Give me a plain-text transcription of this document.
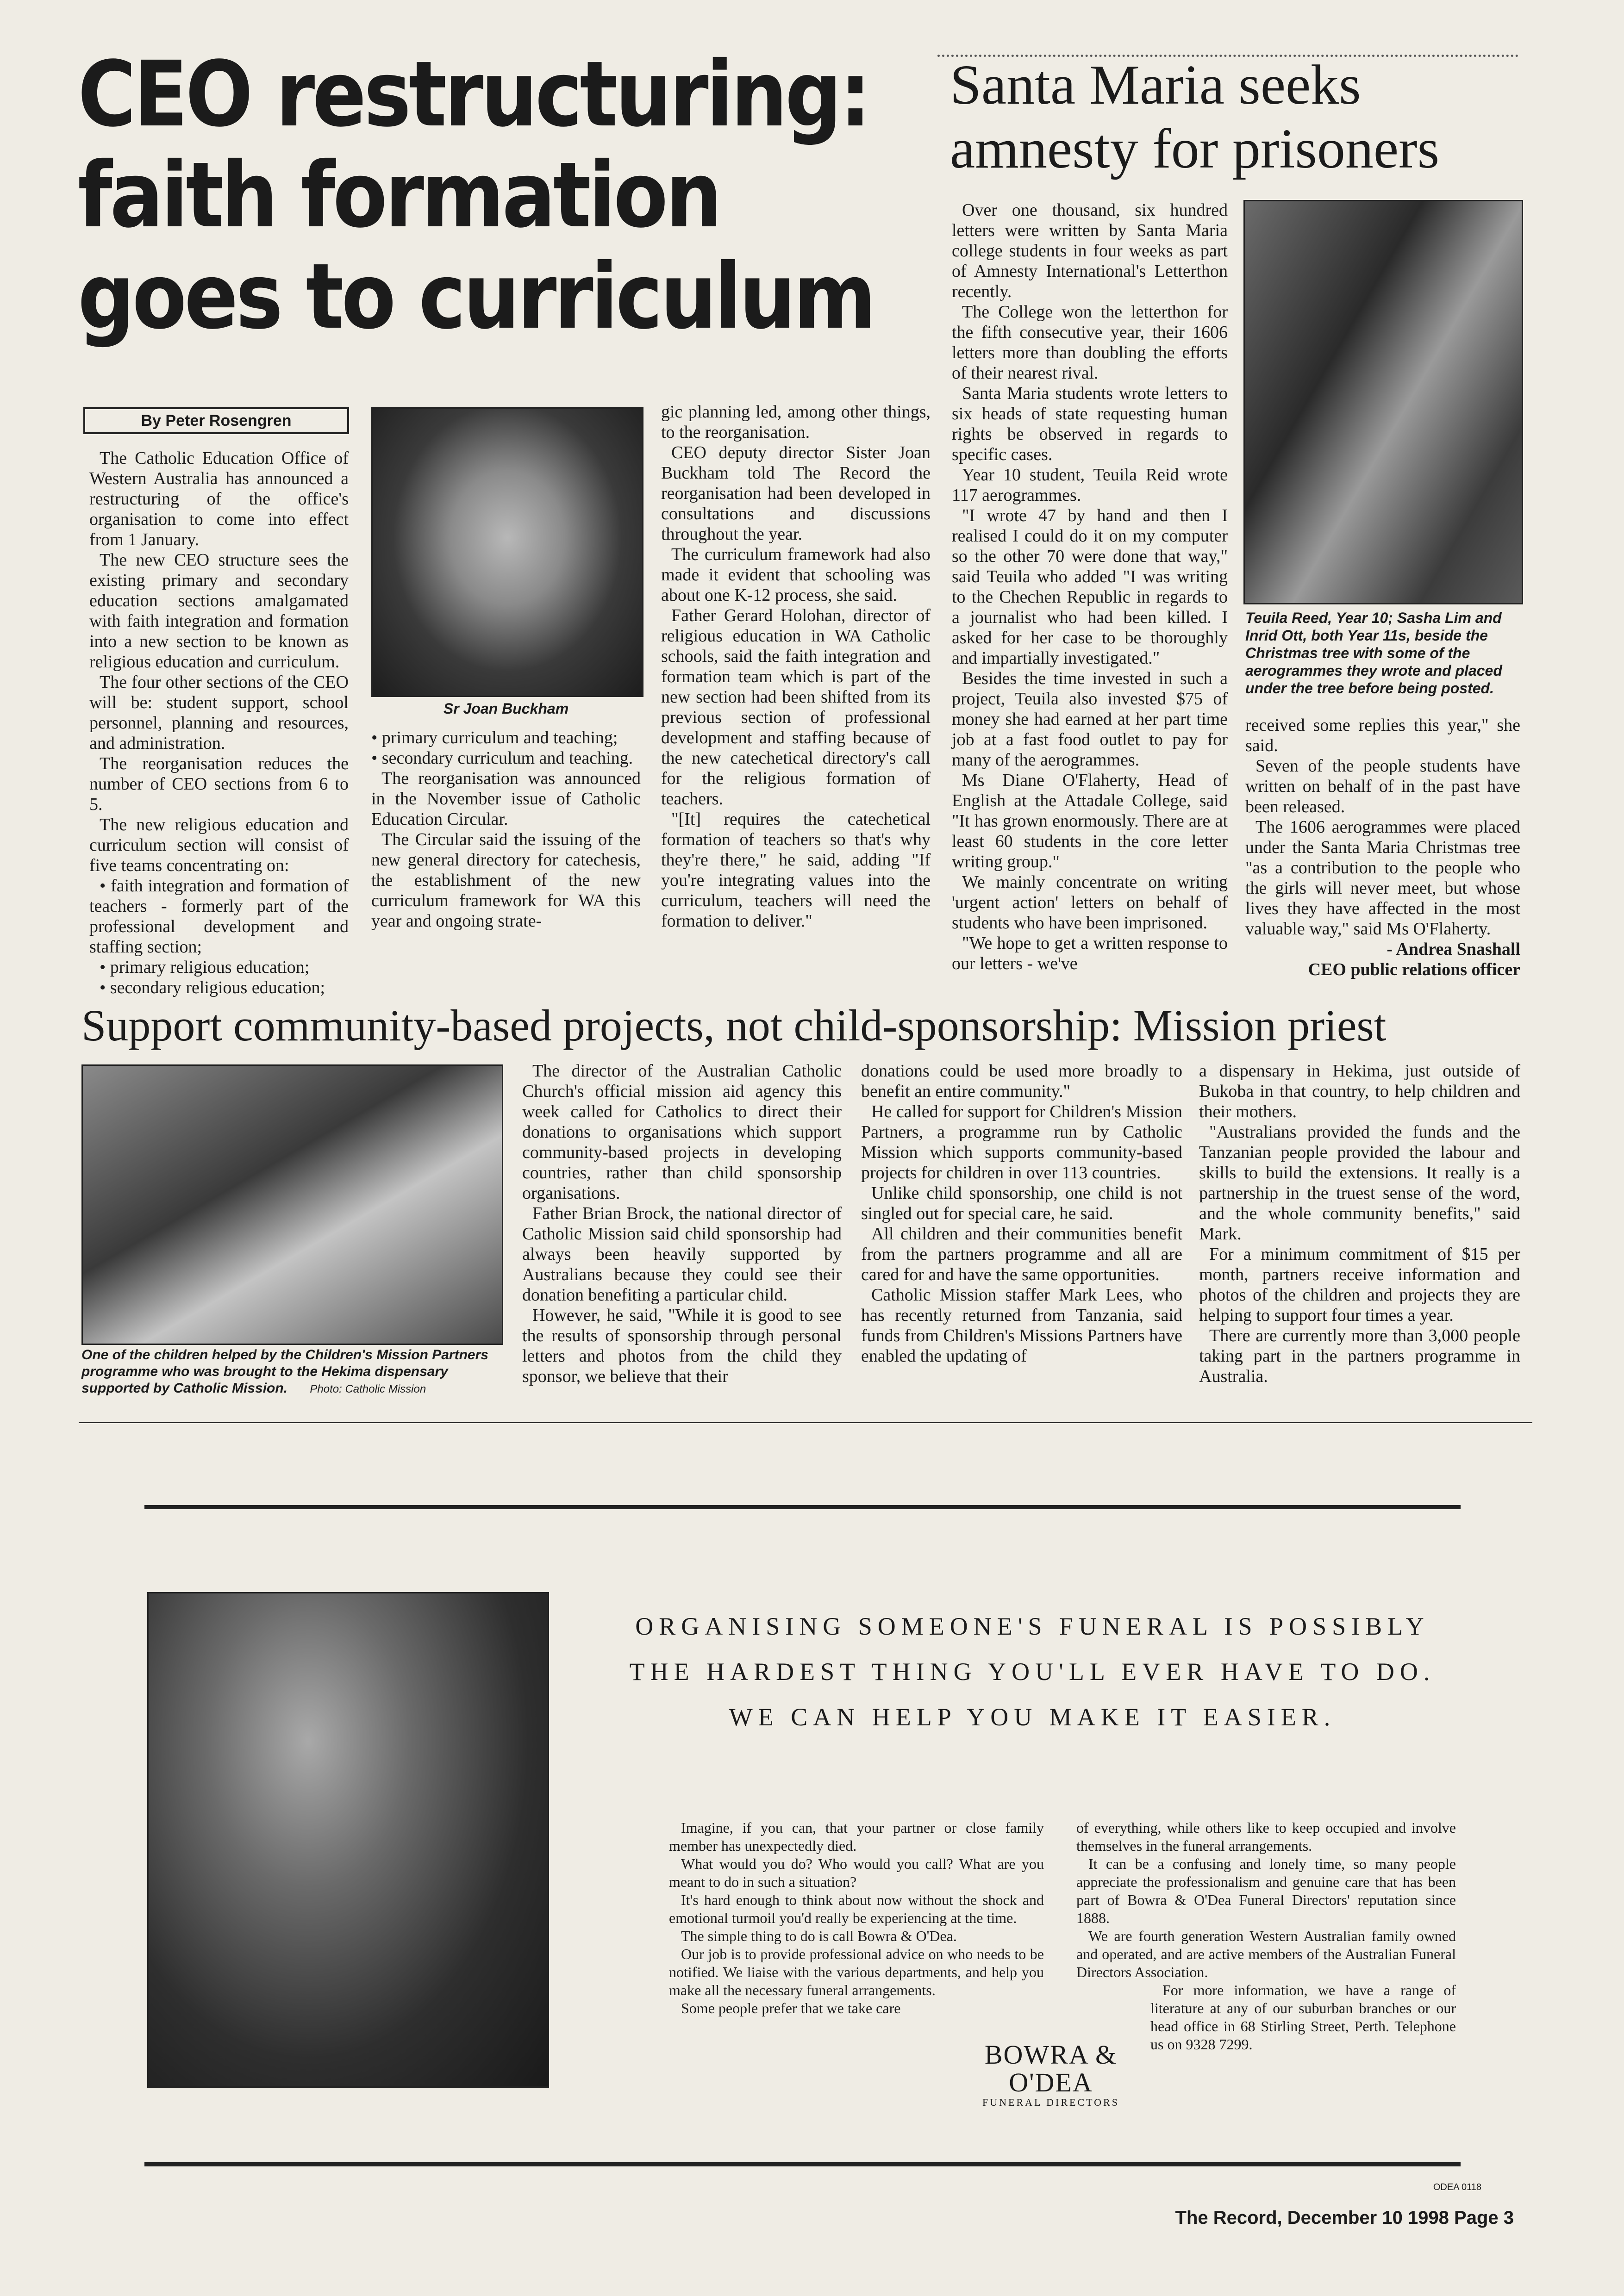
CEO restructuring:
faith formation
goes to curriculum
By Peter Rosengren

The Catholic Education Office of Western Australia has announced a restructuring of the office's organisation to come into effect from 1 January.

The new CEO structure sees the existing primary and secondary education sections amalgamated with faith integration and formation into a new section to be known as religious education and curriculum.

The four other sections of the CEO will be: student support, school personnel, planning and resources, and administration.

The reorganisation reduces the number of CEO sections from 6 to 5.

The new religious education and curriculum section will consist of five teams concentrating on:

• faith integration and formation of teachers - formerly part of the professional development and staffing section;

• primary religious education;

• secondary religious education;

Sr Joan Buckham

• primary curriculum and teaching;

• secondary curriculum and teaching.

The reorganisation was announced in the November issue of Catholic Education Circular.

The Circular said the issuing of the new general directory for catechesis, the establishment of the new curriculum framework for WA this year and ongoing strate-

gic planning led, among other things, to the reorganisation.

CEO deputy director Sister Joan Buckham told The Record the reorganisation had been developed in consultations and discussions throughout the year.

The curriculum framework had also made it evident that schooling was about one K-12 process, she said.

Father Gerard Holohan, director of religious education in WA Catholic schools, said the faith integration and formation team which is part of the new section had been shifted from its previous section of professional development and staffing because of the new catechetical directory's call for the religious formation of teachers.

"[It] requires the catechetical formation of teachers so that's why they're there," he said, adding "If you're integrating values into the curriculum, teachers will need the formation to deliver."

Santa Maria seeks
amnesty for prisoners

Over one thousand, six hundred letters were written by Santa Maria college students in four weeks as part of Amnesty International's Letterthon recently.

The College won the letterthon for the fifth consecutive year, their 1606 letters more than doubling the efforts of their nearest rival.

Santa Maria students wrote letters to six heads of state requesting human rights be observed in regards to specific cases.

Year 10 student, Teuila Reid wrote 117 aerogrammes.

"I wrote 47 by hand and then I realised I could do it on my computer so the other 70 were done that way," said Teuila who added "I was writing to the Chechen Republic in regards to a journalist who had been killed. I asked for her case to be thoroughly and impartially investigated."

Besides the time invested in such a project, Teuila also invested $75 of money she had earned at her part time job at a fast food outlet to pay for many of the aerogrammes.

Ms Diane O'Flaherty, Head of English at the Attadale College, said "It has grown enormously. There are at least 60 students in the core letter writing group."

We mainly concentrate on writing 'urgent action' letters on behalf of students who have been imprisoned.

"We hope to get a written response to our letters - we've

Teuila Reed, Year 10; Sasha Lim and Inrid Ott, both Year 11s, beside the Christmas tree with some of the aerogrammes they wrote and placed under the tree before being posted.

received some replies this year," she said.

Seven of the people students have written on behalf of in the past have been released.

The 1606 aerogrammes were placed under the Santa Maria Christmas tree "as a contribution to the people who the girls will never meet, but whose lives they have affected in the most valuable way," said Ms O'Flaherty.

- Andrea Snashall

CEO public relations officer

Support community-based projects, not child-sponsorship: Mission priest
One of the children helped by the Children's Mission Partners programme who was brought to the Hekima dispensary supported by Catholic Mission. Photo: Catholic Mission

The director of the Australian Catholic Church's official mission aid agency this week called for Catholics to direct their donations to organisations which support community-based projects in developing countries, rather than child sponsorship organisations.

Father Brian Brock, the national director of Catholic Mission said child sponsorship had always been heavily supported by Australians because they could see their donation benefiting a particular child.

However, he said, "While it is good to see the results of sponsorship through personal letters and photos from the child they sponsor, we believe that their

donations could be used more broadly to benefit an entire community."

He called for support for Children's Mission Partners, a programme run by Catholic Mission which supports community-based projects for children in over 113 countries.

Unlike child sponsorship, one child is not singled out for special care, he said.

All children and their communities benefit from the partners programme and all are cared for and have the same opportunities.

Catholic Mission staffer Mark Lees, who has recently returned from Tanzania, said funds from Children's Missions Partners have enabled the updating of

a dispensary in Hekima, just outside of Bukoba in that country, to help children and their mothers.

"Australians provided the funds and the Tanzanian people provided the labour and skills to build the extensions. It really is a partnership in the truest sense of the word, and the whole community benefits," said Mark.

For a minimum commitment of $15 per month, partners receive information and photos of the children and projects they are helping to support four times a year.

There are currently more than 3,000 people taking part in the partners programme in Australia.

ORGANISING SOMEONE'S FUNERAL IS POSSIBLY
THE HARDEST THING YOU'LL EVER HAVE TO DO.
WE CAN HELP YOU MAKE IT EASIER.

Imagine, if you can, that your partner or close family member has unexpectedly died.

What would you do? Who would you call? What are you meant to do in such a situation?

It's hard enough to think about now without the shock and emotional turmoil you'd really be experiencing at the time.

The simple thing to do is call Bowra & O'Dea.

Our job is to provide professional advice on who needs to be notified. We liaise with the various departments, and help you make all the necessary funeral arrangements.

Some people prefer that we take care

of everything, while others like to keep occupied and involve themselves in the funeral arrangements.

It can be a confusing and lonely time, so many people appreciate the professionalism and genuine care that has been part of Bowra & O'Dea Funeral Directors' reputation since 1888.

We are fourth generation Western Australian family owned and operated, and are active members of the Australian Funeral Directors Association.

For more information, we have a range of literature at any of our suburban branches or our head office in 68 Stirling Street, Perth. Telephone us on 9328 7299.

BOWRA & O'DEA
FUNERAL DIRECTORS
ODEA 0118
The Record, December 10 1998 Page 3
